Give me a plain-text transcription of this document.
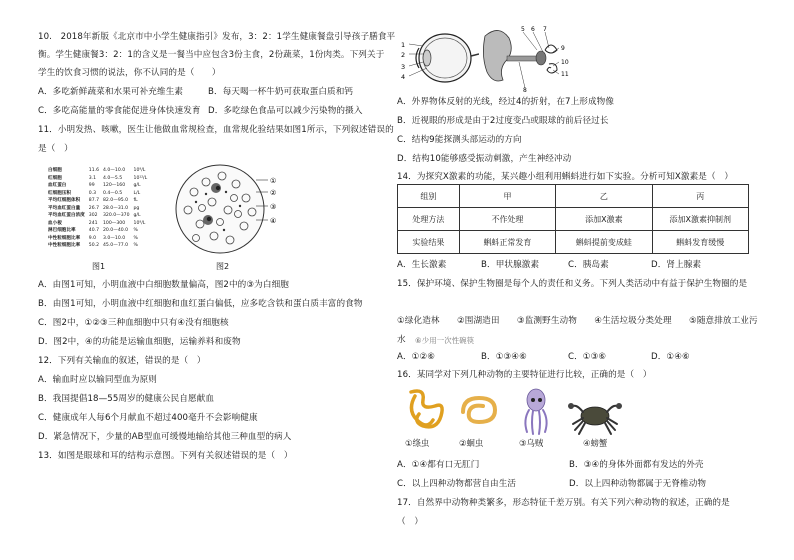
10.　2018年新版《北京市中小学生健康指引》发布，3：2：1学生健康餐盘引导孩子膳食平
衡。学生健康餐3：2：1的含义是一餐当中应包含3份主食，2份蔬菜，1份肉类。下列关于
学生的饮食习惯的说法，你不认同的是（　　）
A．多吃新鲜蔬菜和水果可补充维生素	B．每天喝一杯牛奶可获取蛋白质和钙
C．多吃高能量的零食能促进身体快速发育 D．多吃绿色食品可以减少污染物的摄入
11．小明发热、咳嗽，医生让他做血常规检查，血常规化验结果如图1所示，下列叙述错误的
是（　）
白细胞	11.6	4.0—10.0	10⁹/L
红细胞	3.1	4.0—5.5	10¹²/L
血红蛋白	99	120—160	g/L
红细胞压积	0.3	0.4—0.5	L/L
平均红细胞体积	87.7	82.0—95.0	fL
平均血红蛋白量	26.7	28.0—31.0	pg
平均血红蛋白浓度	302	320.0—370	g/L
血小板	241	100—300	10⁹/L
淋巴细胞比率	40.7	20.0—40.0	%
中性粒细胞比率	9.0	3.0—10.0	%
中性粒细胞比率	50.2	45.0—77.0	%
图1
①
②
③
④
图2
A．由图1可知，小明血液中白细胞数量偏高，图2中的③为白细胞
B．由图1可知，小明血液中红细胞和血红蛋白偏低，应多吃含铁和蛋白质丰富的食物
C．图2中，①②③三种血细胞中只有④没有细胞核
D．图2中，④的功能是运输血细胞，运输养料和废物
12．下列有关输血的叙述，错误的是（　）
A．输血时应以输同型血为原则
B．我国提倡18—55周岁的健康公民自愿献血
C．健康成年人每6个月献血不超过400毫升不会影响健康
D．紧急情况下，少量的AB型血可缓慢地输给其他三种血型的病人
13．如图是眼球和耳的结构示意图。下列有关叙述错误的是（　）
1
2
3
4
5 6 7
8
9
10
11
A．外界物体反射的光线，经过4的折射，在7上形成物像
B．近视眼的形成是由于2过度变凸或眼球的前后径过长
C．结构9能探测头部运动的方向
D．结构10能够感受振动刺激，产生神经冲动
14．为探究X激素的功能，某兴趣小组利用蝌蚪进行如下实验。分析可知X激素是（　）
组别	甲	乙	丙
处理方法	不作处理	添加X激素	添加X激素抑制剂
实验结果	蝌蚪正常发育	蝌蚪提前变成蛙	蝌蚪发育缓慢
A．生长激素	B．甲状腺激素	C．胰岛素	D．肾上腺素
15．保护环境、保护生物圈是每个人的责任和义务。下列人类活动中有益于保护生物圈的是
①绿化造林　　②围湖造田　　③监测野生动物　　④生活垃圾分类处理　　⑤随意排放工业污
水 ⑥少用一次性碗筷
A．①②⑥	B．①③④⑥	C．①③⑥	D．①④⑥
16．某同学对下列几种动物的主要特征进行比较，正确的是（　）
①绦虫	②蛔虫	③乌贼	④螃蟹
A．①④都有口无肛门	B．③④的身体外面都有发达的外壳
C．以上四种动物都营自由生活	D．以上四种动物都属于无脊椎动物
17．自然界中动物种类繁多，形态特征千差万别。有关下列六种动物的叙述，正确的是
（　）
